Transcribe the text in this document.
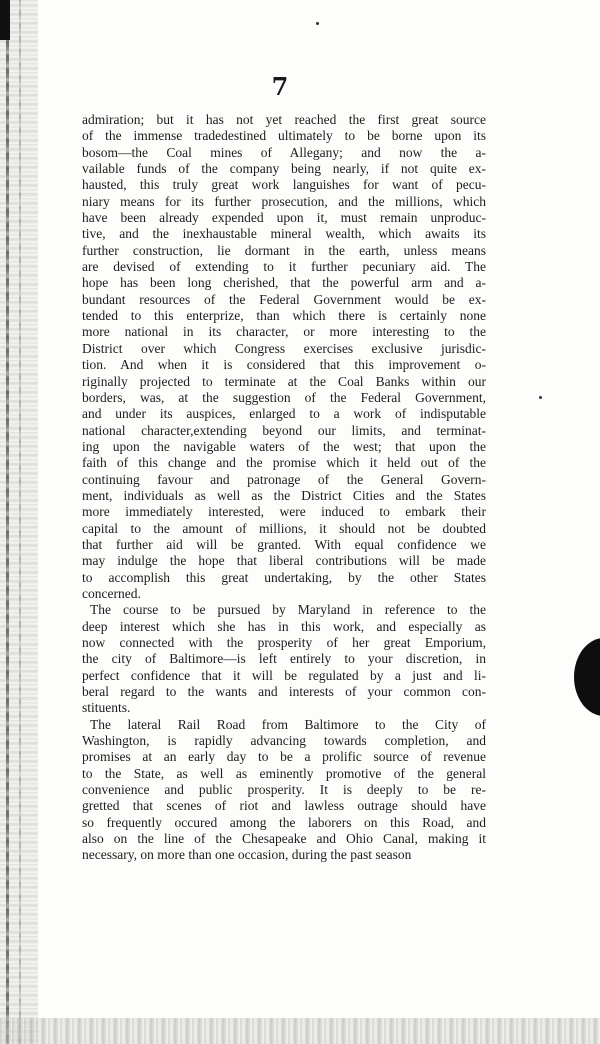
7
admiration; but it has not yet reached the first great source
of the immense tradedestined ultimately to be borne upon its
bosom—the Coal mines of Allegany; and now the a-
vailable funds of the company being nearly, if not quite ex-
hausted, this truly great work languishes for want of pecu-
niary means for its further prosecution, and the millions, which
have been already expended upon it, must remain unproduc-
tive, and the inexhaustable mineral wealth, which awaits its
further construction, lie dormant in the earth, unless means
are devised of extending to it further pecuniary aid. The
hope has been long cherished, that the powerful arm and a-
bundant resources of the Federal Government would be ex-
tended to this enterprize, than which there is certainly none
more national in its character, or more interesting to the
District over which Congress exercises exclusive jurisdic-
tion. And when it is considered that this improvement o-
riginally projected to terminate at the Coal Banks within our
borders, was, at the suggestion of the Federal Government,
and under its auspices, enlarged to a work of indisputable
national character,extending beyond our limits, and terminat-
ing upon the navigable waters of the west; that upon the
faith of this change and the promise which it held out of the
continuing favour and patronage of the General Govern-
ment, individuals as well as the District Cities and the States
more immediately interested, were induced to embark their
capital to the amount of millions, it should not be doubted
that further aid will be granted. With equal confidence we
may indulge the hope that liberal contributions will be made
to accomplish this great undertaking, by the other States
concerned.
The course to be pursued by Maryland in reference to the
deep interest which she has in this work, and especially as
now connected with the prosperity of her great Emporium,
the city of Baltimore—is left entirely to your discretion, in
perfect confidence that it will be regulated by a just and li-
beral regard to the wants and interests of your common con-
stituents.
The lateral Rail Road from Baltimore to the City of
Washington, is rapidly advancing towards completion, and
promises at an early day to be a prolific source of revenue
to the State, as well as eminently promotive of the general
convenience and public prosperity. It is deeply to be re-
gretted that scenes of riot and lawless outrage should have
so frequently occured among the laborers on this Road, and
also on the line of the Chesapeake and Ohio Canal, making it
necessary, on more than one occasion, during the past season
